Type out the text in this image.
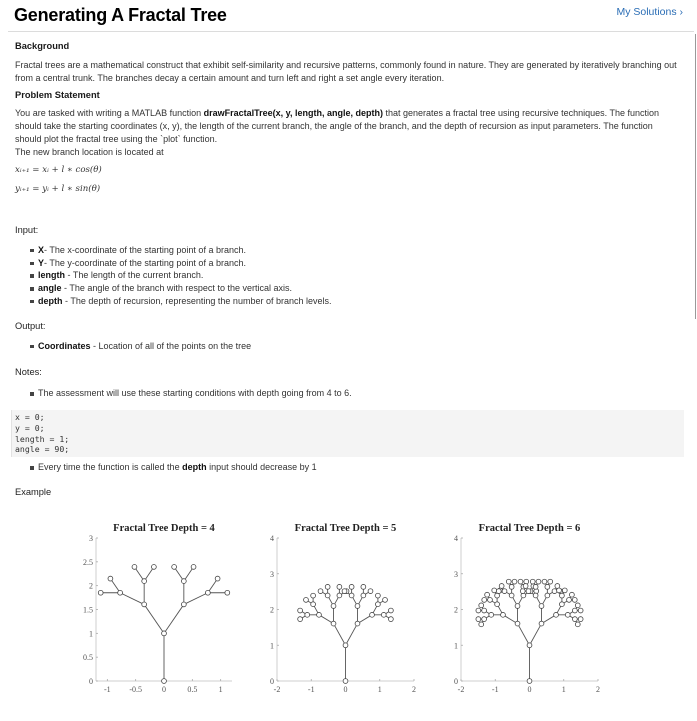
Generating A Fractal Tree	My Solutions ›
Background

Fractal trees are a mathematical construct that exhibit self-similarity and recursive patterns, commonly found in nature. They are generated by iteratively branching out from a central trunk. The branches decay a certain amount and turn left and right a set angle every iteration.

Problem Statement

You are tasked with writing a MATLAB function drawFractalTree(x, y, length, angle, depth) that generates a fractal tree using recursive techniques. The function should take the starting coordinates (x, y), the length of the current branch, the angle of the branch, and the depth of recursion as input parameters. The function should plot the fractal tree using the `plot` function.

The new branch location is located at

xᵢ₊₁ = xᵢ + l ∗ cos(θ)
yᵢ₊₁ = yᵢ + l ∗ sin(θ)
Input:
X- The x-coordinate of the starting point of a branch.
Y- The y-coordinate of the starting point of a branch.
length - The length of the current branch.
angle - The angle of the branch with respect to the vertical axis.
depth - The depth of recursion, representing the number of branch levels.
Output:
Coordinates - Location of all of the points on the tree
Notes:
The assessment will use these starting conditions with depth going from 4 to 6.
x = 0;
y = 0;
length = 1;
angle = 90;
Every time the function is called the depth input should decrease by 1
Example
Fractal Tree Depth = 4
-1 -0.5 0	0.5	1
0
0.5
1
1.5
2
2.5
3
Fractal Tree Depth = 5
-2	-1	0	1	2
0
1
2
3
4
Fractal Tree Depth = 6
-2	-1	0	1	2
0
1
2
3
4
